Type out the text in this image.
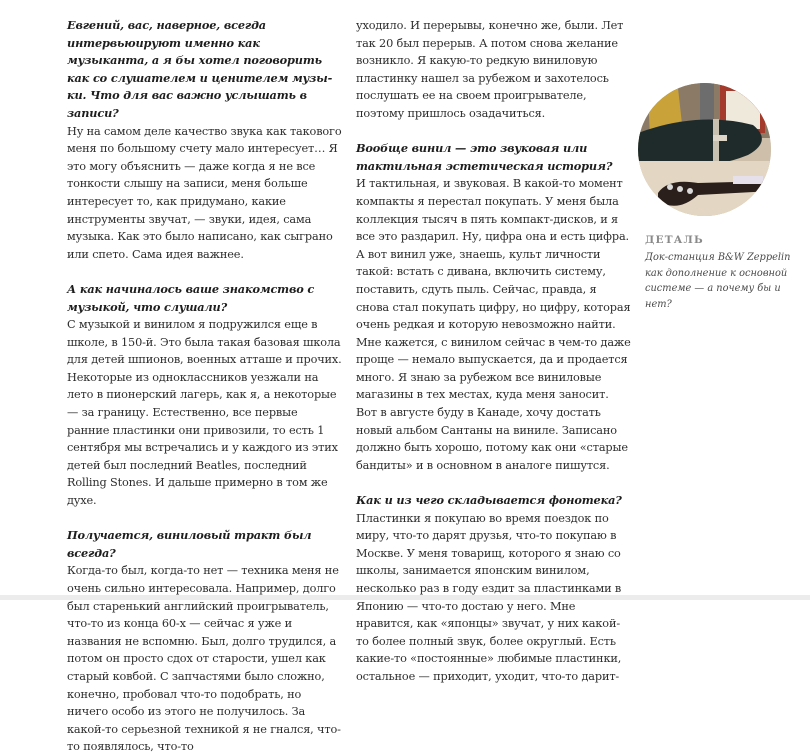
Евгений, вас, наверное, всегда интервьюируют именно как музыканта, а я бы хотел поговорить как со слушателем и ценителем музыки. Что для вас важно услышать в записи?
Ну на самом деле качество звука как такового меня по большому счету мало интересует… Я это могу объяснить — даже когда я не все тонкости слышу на записи, меня больше интересует то, как придумано, какие инструменты звучат, — звуки, идея, сама музыка. Как это было написано, как сыграно или спето. Сама идея важнее.
А как начиналось ваше знакомство с музыкой, что слушали?
С музыкой и винилом я подружился еще в школе, в 150-й. Это была такая базовая школа для детей шпионов, военных атташе и прочих. Некоторые из одноклассников уезжали на лето в пионерский лагерь, как я, а некоторые — за границу. Естественно, все первые ранние пластинки они привозили, то есть 1 сентября мы встречались и у каждого из этих детей был последний Beatles, последний Rolling Stones. И дальше примерно в том же духе.
Получается, виниловый тракт был всегда?
Когда-то был, когда-то нет — техника меня не очень сильно интересовала. Например, долго был старенький английский проигрыватель, что-то из конца 60-х — сейчас я уже и названия не вспомню. Был, долго трудился, а потом он просто сдох от старости, ушел как старый ковбой. С запчастями было сложно, конечно, пробовал что-то подобрать, но ничего особо из этого не получилось. За какой-то серьезной техникой я не гнался, что-то появлялось, что-то
уходило. И перерывы, конечно же, были. Лет так 20 был перерыв. А потом снова желание возникло. Я какую-то редкую виниловую пластинку нашел за рубежом и захотелось послушать ее на своем проигрывателе, поэтому пришлось озадачиться.
Вообще винил — это звуковая или тактильная эстетическая история?
И тактильная, и звуковая. В какой-то момент компакты я перестал покупать. У меня была коллекция тысяч в пять компакт-дисков, и я все это раздарил. Ну, цифра она и есть цифра. А вот винил уже, знаешь, культ личности такой: встать с дивана, включить систему, поставить, сдуть пыль. Сейчас, правда, я снова стал покупать цифру, но цифру, которая очень редкая и которую невозможно найти. Мне кажется, с винилом сейчас в чем-то даже проще — немало выпускается, да и продается много. Я знаю за рубежом все виниловые магазины в тех местах, куда меня заносит. Вот в августе буду в Канаде, хочу достать новый альбом Сантаны на виниле. Записано должно быть хорошо, потому как они «старые бандиты» и в основном в аналоге пишутся.
Как и из чего складывается фонотека?
Пластинки я покупаю во время поездок по миру, что-то дарят друзья, что-то покупаю в Москве. У меня товарищ, которого я знаю со школы, занимается японским винилом, несколько раз в году ездит за пластинками в Японию — что-то достаю у него. Мне нравится, как «японцы» звучат, у них какой-то более полный звук, более округлый. Есть какие-то «постоянные» любимые пластинки, остальное — приходит, уходит, что-то дарит-
ДЕТАЛЬ
Док-станция B&W Zeppelin как дополнение к основной системе — а почему бы и нет?
